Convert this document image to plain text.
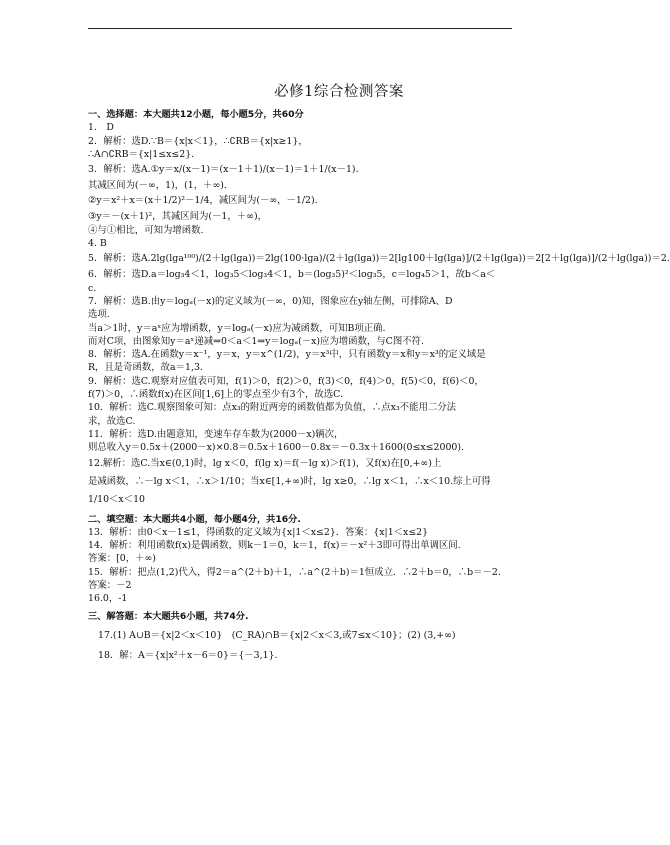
必修1综合检测答案
一、选择题：本大题共12小题，每小题5分，共60分
1.　D
2．解析：选D.∵B＝{x|x＜1}，∴∁RB＝{x|x≥1}，
∴A∩∁RB＝{x|1≤x≤2}.
3．解析：选A.①y＝x/(x－1)＝(x－1＋1)/(x－1)＝1＋1/(x－1).
其减区间为(－∞，1)，(1，＋∞).
②y＝x²＋x＝(x＋1/2)²－1/4，减区间为(－∞，－1/2).
③y＝－(x＋1)²，其减区间为(－1，＋∞)，
④与①相比，可知为增函数.
4. B
5．解析：选A.2lg(lga¹⁰⁰)/(2＋lg(lga))＝2lg(100·lga)/(2＋lg(lga))＝2[lg100＋lg(lga)]/(2＋lg(lga))＝2[2＋lg(lga)]/(2＋lg(lga))＝2.
6．解析：选D.a＝log₃4＜1，log₃5＜log₃4＜1，b＝(log₃5)²＜log₃5，c＝log₄5＞1，故b＜a＜
c.
7．解析：选B.由y＝logₐ(－x)的定义域为(－∞，0)知，图象应在y轴左侧，可排除A、D
选项.
当a＞1时，y＝aˣ应为增函数，y＝logₐ(－x)应为减函数，可知B项正确.
而对C项，由图象知y＝aˣ递减⇒0＜a＜1⇒y＝logₐ(－x)应为增函数，与C图不符.
8．解析：选A.在函数y＝x⁻¹，y＝x，y＝x^(1/2)，y＝x³中，只有函数y＝x和y＝x³的定义域是
R，且是奇函数，故a＝1,3.
9．解析：选C.观察对应值表可知，f(1)＞0，f(2)＞0，f(3)＜0，f(4)＞0，f(5)＜0，f(6)＜0，
f(7)＞0，∴函数f(x)在区间[1,6]上的零点至少有3个，故选C.
10．解析：选C.观察图象可知：点x₃的附近两旁的函数值都为负值，∴点x₃不能用二分法
求，故选C.
11．解析：选D.由题意知，变速车存车数为(2000－x)辆次，
则总收入y＝0.5x＋(2000－x)×0.8＝0.5x＋1600－0.8x＝－0.3x＋1600(0≤x≤2000).
12.解析：选C.当x∈(0,1)时，lg x＜0，f(lg x)＝f(－lg x)＞f(1)，又f(x)在[0,+∞)上
是减函数，∴－lg x＜1，∴x＞1/10；当x∈[1,+∞)时，lg x≥0，∴lg x＜1，∴x＜10.综上可得
1/10＜x＜10
二、填空题：本大题共4小题，每小题4分，共16分.
13．解析：由0＜x－1≤1，得函数的定义域为{x|1＜x≤2}．答案：{x|1＜x≤2}
14．解析：利用函数f(x)是偶函数，则k－1＝0，k＝1，f(x)＝－x²＋3即可得出单调区间.
答案：[0，＋∞)
15．解析：把点(1,2)代入，得2＝a^(2＋b)＋1，∴a^(2＋b)＝1恒成立．∴2＋b＝0，∴b＝－2.
答案：－2
16.0，-1
三、解答题：本大题共6小题，共74分.
17.(1) A∪B＝{x|2＜x＜10}　(C_RA)∩B＝{x|2＜x＜3,或7≤x＜10}；(2) (3,+∞)
18．解：A＝{x|x²＋x－6＝0}＝{－3,1}.
